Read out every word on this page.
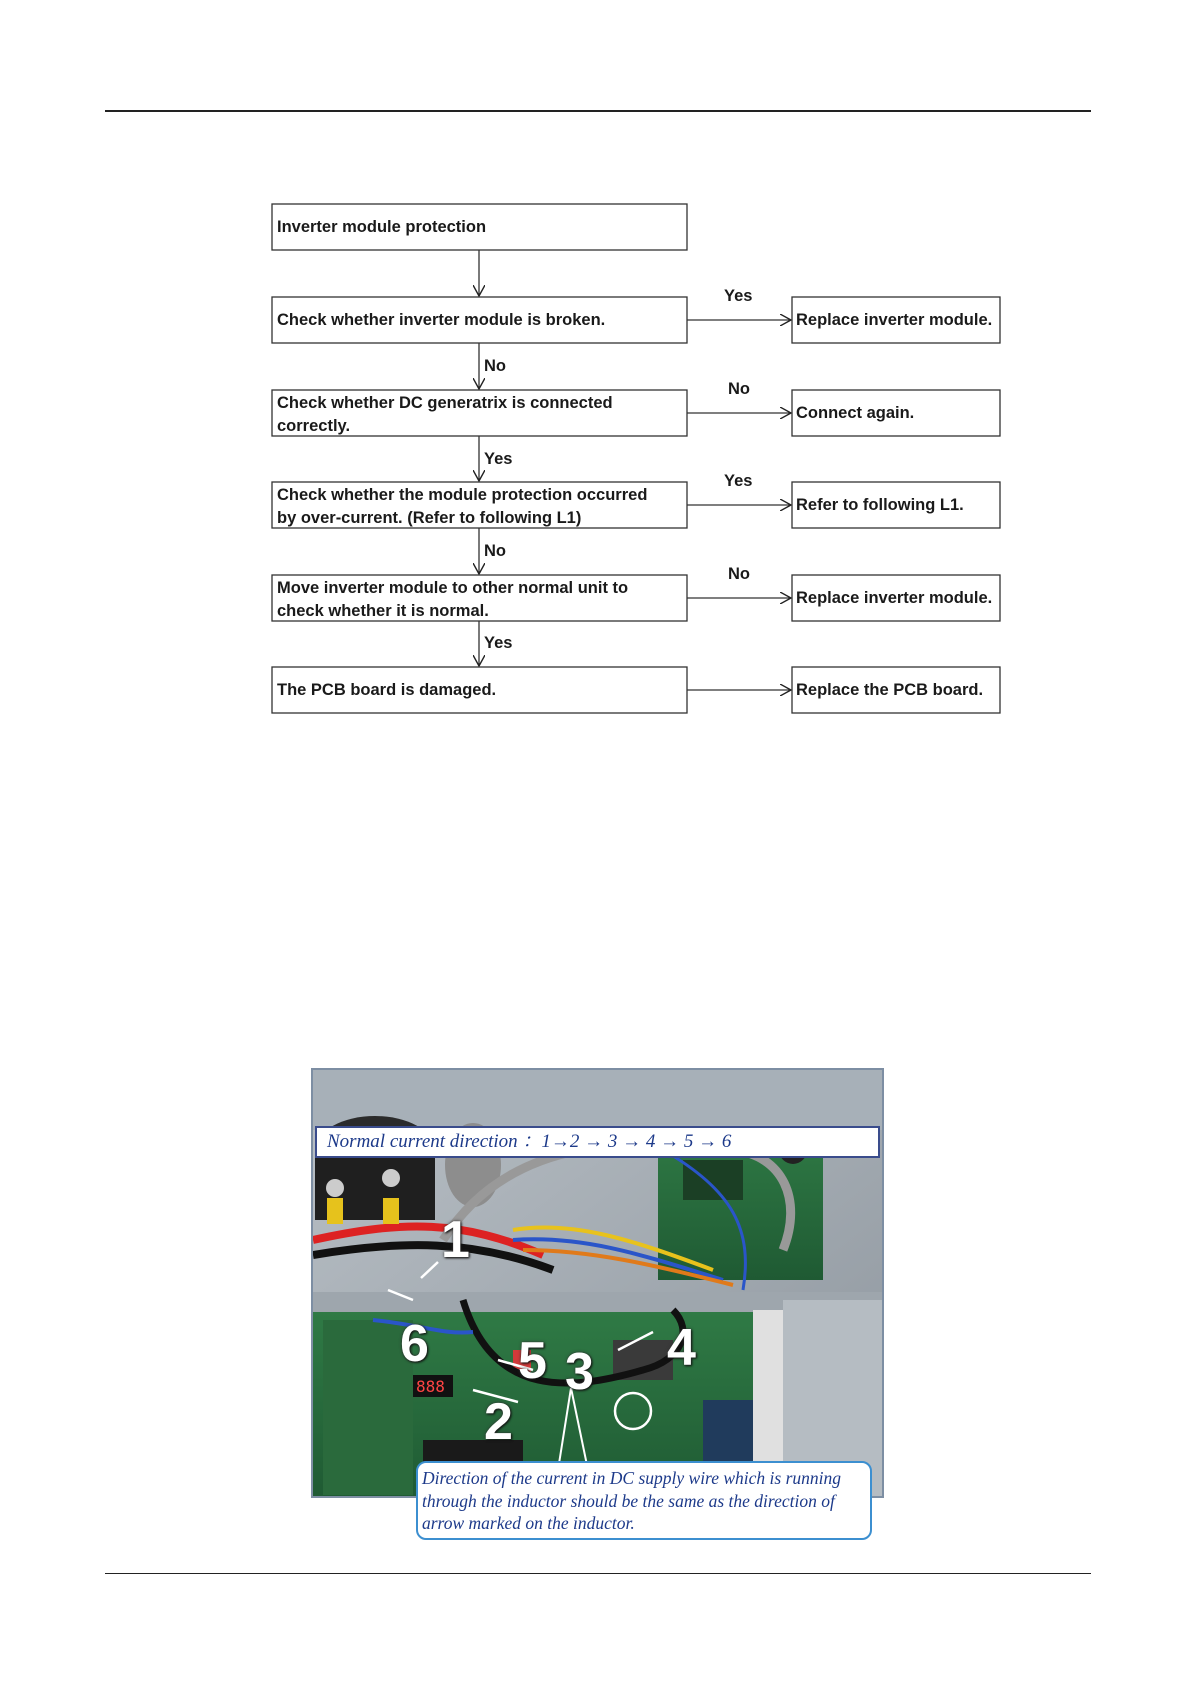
Inverter module protection
Check whether inverter module is broken.
Yes
Replace inverter module.
No
Check whether DC generatrix is connected
correctly.
No
Connect again.
Yes
Check whether the module protection occurred
by over-current. (Refer to following L1)
Yes
Refer to following L1.
No
Move inverter module to other normal unit to
check whether it is normal.
No
Replace inverter module.
Yes
The PCB board is damaged.	Replace the PCB board.
888
Normal current direction ：1→2 → 3 → 4 → 5 → 6
1
2
3 4
5
6
Direction of the current in DC supply wire which is running through the inductor should be the same as the direction of arrow marked on the inductor.
